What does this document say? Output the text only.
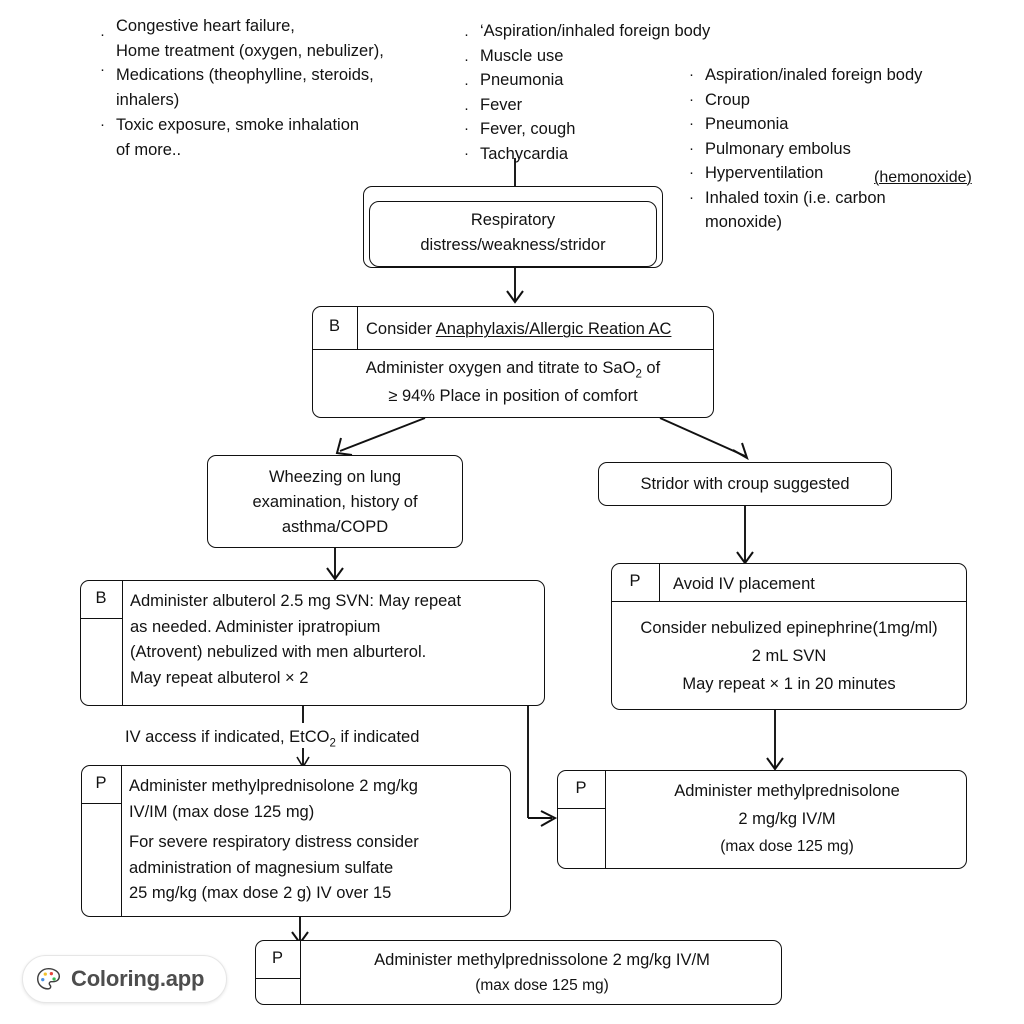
· Congestive heart failure,
Home treatment (oxygen, nebulizer),
· Medications (theophylline, steroids,
inhalers)
· Toxic exposure, smoke inhalation
of more..
· ‘Aspiration/inhaled foreign body
· Muscle use
· Pneumonia
· Fever
· Fever, cough
· Tachycardia
· Aspiration/inaled foreign body
· Croup
· Pneumonia
· Pulmonary embolus
· Hyperventilation
· Inhaled toxin (i.e. carbon
monoxide)
(hemonoxide)
Respiratory
distress/weakness/stridor
B	Consider Anaphylaxis/Allergic Reation AC
Administer oxygen and titrate to SaO$_2$ of
≥ 94% Place in position of comfort
Wheezing on lung
examination, history of
asthma/COPD
Stridor with croup suggested
B	Administer albuterol 2.5 mg SVN: May repeat
as needed. Administer ipratropium
(Atrovent) nebulized with men alburterol.
May repeat albuterol × 2
P	Avoid IV placement
Consider nebulized epinephrine(1mg/ml)
2 mL SVN
May repeat × 1 in 20 minutes
IV access if indicated, EtCO$_2$ if indicated
P	Administer methylprednisolone 2 mg/kg
IV/IM (max dose 125 mg)
For severe respiratory distress consider
administration of magnesium sulfate
25 mg/kg (max dose 2 g) IV over 15
P	Administer methylprednisolone
2 mg/kg IV/M
(max dose 125 mg)
P	Administer methylprednissolone 2 mg/kg IV/M
(max dose 125 mg)
Coloring.app
